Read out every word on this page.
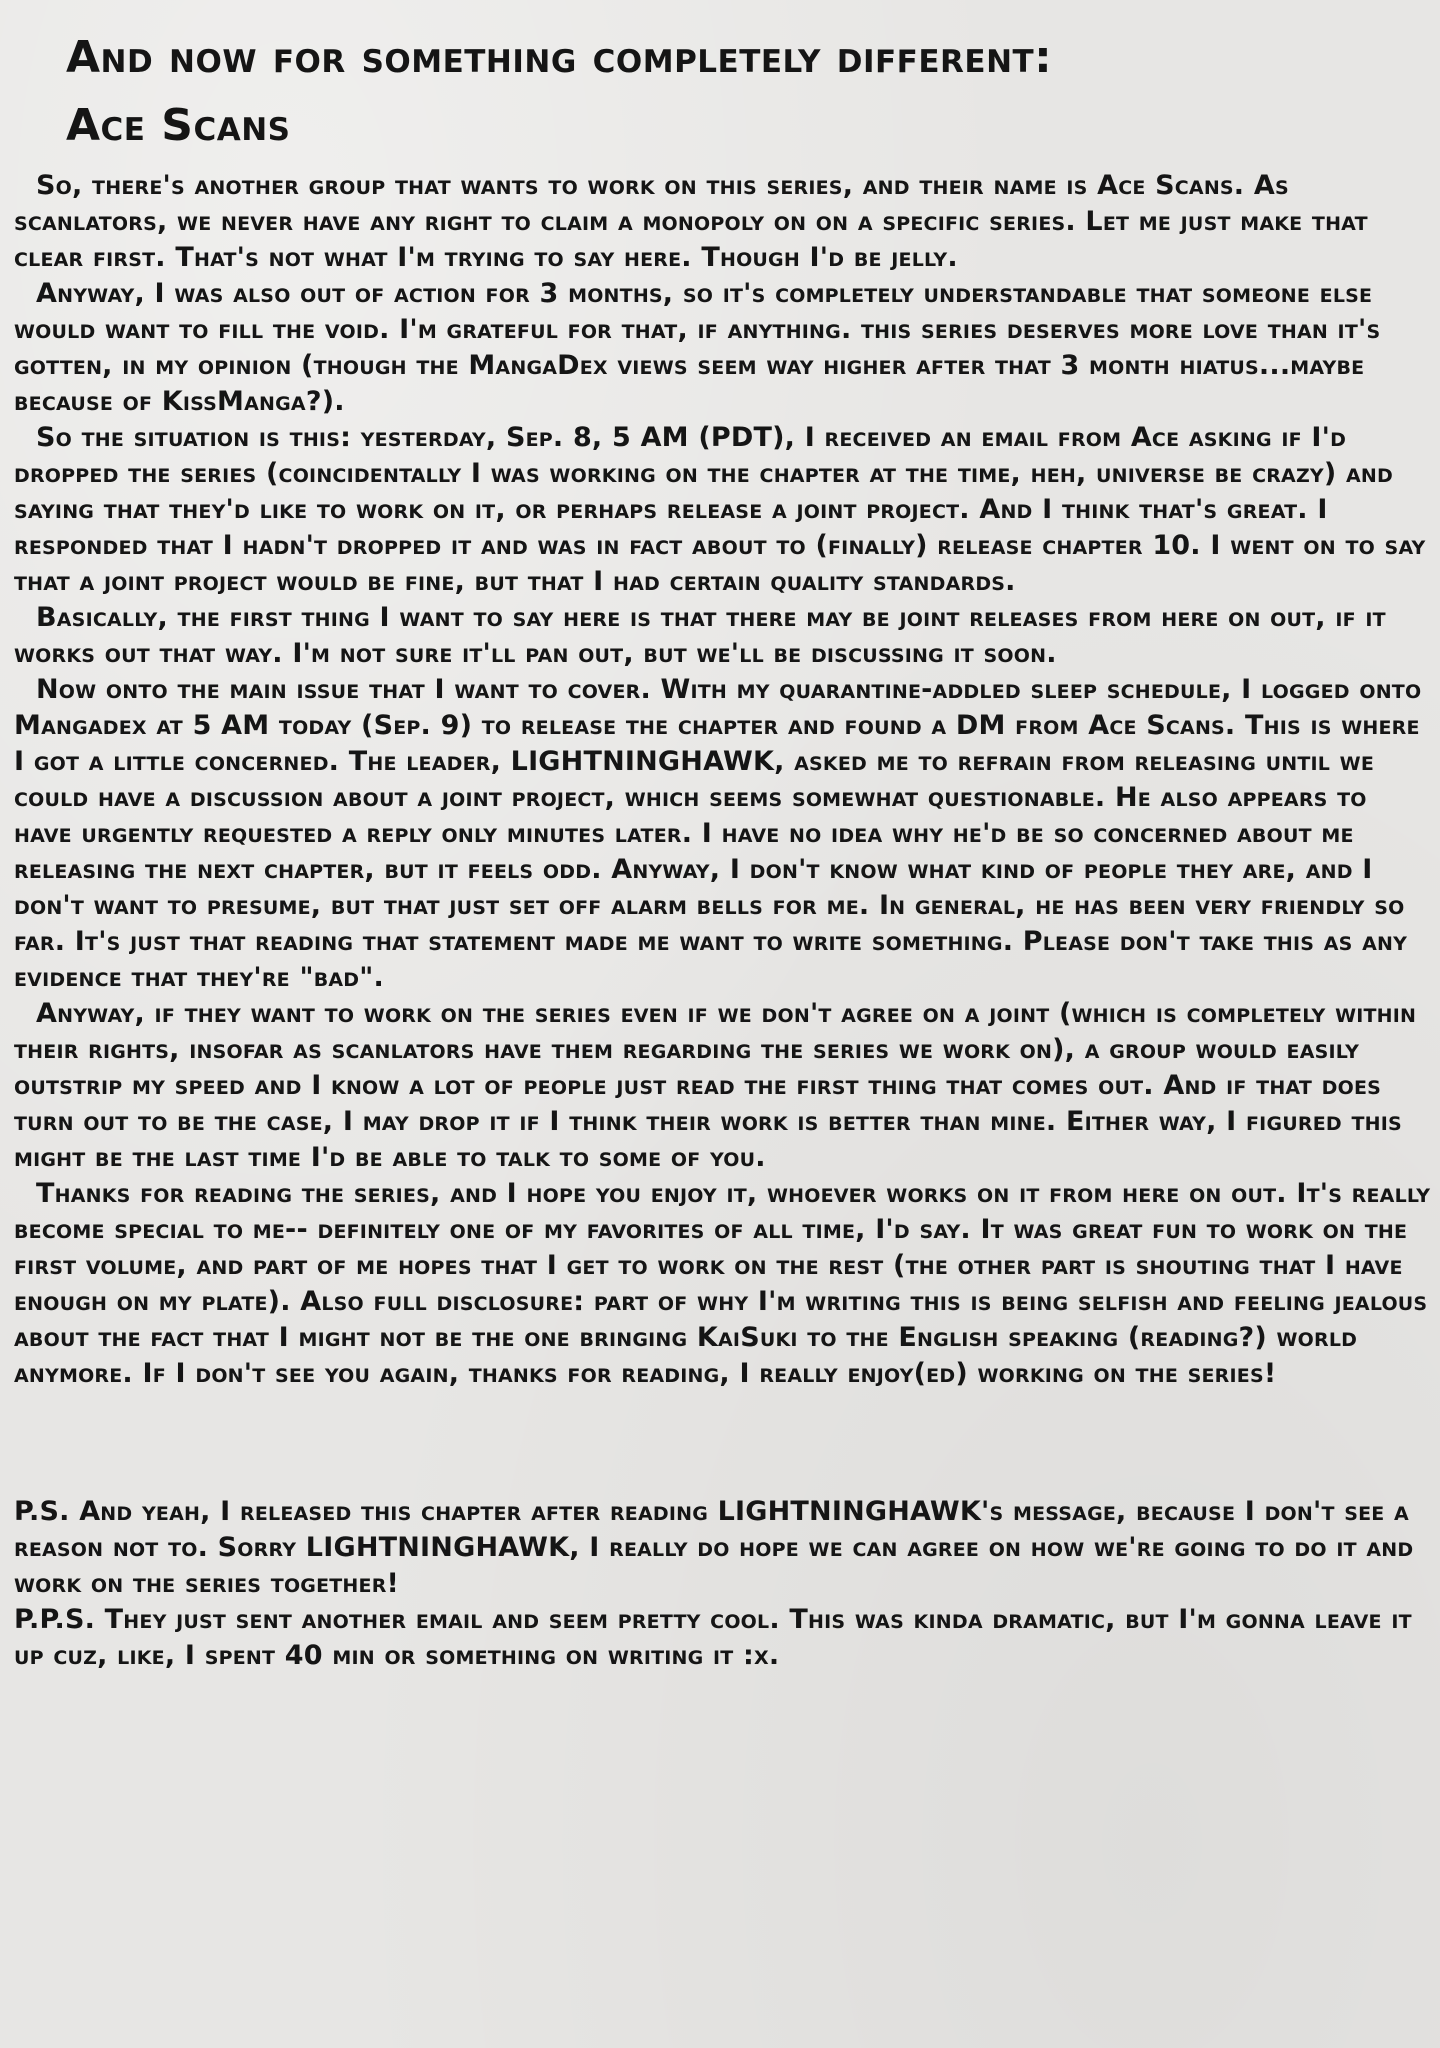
And now for something completely different:
Ace Scans

So, there's another group that wants to work on this series, and their name is Ace Scans. As scanlators, we never have any right to claim a monopoly on on a specific series. Let me just make that clear first. That's not what I'm trying to say here. Though I'd be jelly.

Anyway, I was also out of action for 3 months, so it's completely understandable that someone else would want to fill the void. I'm grateful for that, if anything. this series deserves more love than it's gotten, in my opinion (though the MangaDex views seem way higher after that 3 month hiatus...maybe because of KissManga?).

So the situation is this: yesterday, Sep. 8, 5 AM (PDT), I received an email from Ace asking if I'd dropped the series (coincidentally I was working on the chapter at the time, heh, universe be crazy) and saying that they'd like to work on it, or perhaps release a joint project. And I think that's great. I responded that I hadn't dropped it and was in fact about to (finally) release chapter 10. I went on to say that a joint project would be fine, but that I had certain quality standards.

Basically, the first thing I want to say here is that there may be joint releases from here on out, if it works out that way. I'm not sure it'll pan out, but we'll be discussing it soon.

Now onto the main issue that I want to cover. With my quarantine-addled sleep schedule, I logged onto Mangadex at 5 AM today (Sep. 9) to release the chapter and found a DM from Ace Scans. This is where I got a little concerned. The leader, LIGHTNINGHAWK, asked me to refrain from releasing until we could have a discussion about a joint project, which seems somewhat questionable. He also appears to have urgently requested a reply only minutes later. I have no idea why he'd be so concerned about me releasing the next chapter, but it feels odd. Anyway, I don't know what kind of people they are, and I don't want to presume, but that just set off alarm bells for me. In general, he has been very friendly so far. It's just that reading that statement made me want to write something. Please don't take this as any evidence that they're "bad".

Anyway, if they want to work on the series even if we don't agree on a joint (which is completely within their rights, insofar as scanlators have them regarding the series we work on), a group would easily outstrip my speed and I know a lot of people just read the first thing that comes out. And if that does turn out to be the case, I may drop it if I think their work is better than mine. Either way, I figured this might be the last time I'd be able to talk to some of you.

Thanks for reading the series, and I hope you enjoy it, whoever works on it from here on out. It's really become special to me-- definitely one of my favorites of all time, I'd say. It was great fun to work on the first volume, and part of me hopes that I get to work on the rest (the other part is shouting that I have enough on my plate). Also full disclosure: part of why I'm writing this is being selfish and feeling jealous about the fact that I might not be the one bringing KaiSuki to the English speaking (reading?) world anymore. If I don't see you again, thanks for reading, I really enjoy(ed) working on the series!

P.S. And yeah, I released this chapter after reading LIGHTNINGHAWK's message, because I don't see a reason not to. Sorry LIGHTNINGHAWK, I really do hope we can agree on how we're going to do it and work on the series together!

P.P.S. They just sent another email and seem pretty cool. This was kinda dramatic, but I'm gonna leave it up cuz, like, I spent 40 min or something on writing it :x.
